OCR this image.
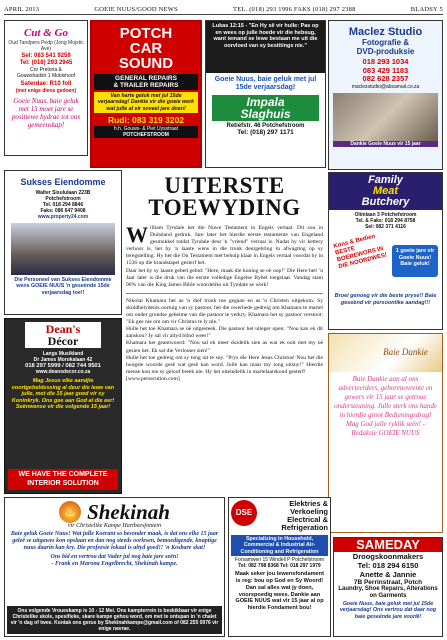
APRIL 2013	GOEIE NUUS/GOOD NEWS	TEL. (018) 293 1996 FAKS (018) 297 2388	BLADSY 5
Cut & Go
Oud Tandpers Pedp (Jong Mojstic Ave)
Sel: 083 541 9259
Tel: (018) 293 2945
Cnr Pretoria &
Gouwshadstr 1 Mobishoof
Saterdae: R10 foll
(met enige diens gedoen)
Goeie Nuus, baie geluk met 15 moet jare se positiewe bydrae tot ons gemeenskap!
POTCH
CAR
SOUND
GENERAL REPAIRS
& TRAILER REPAIRS
Van harte geluk met jul 15de verjaarsdag! Dankie vir die goeie werk wat julle al vir soveel jare doen!
Rudi: 083 319 3202
h.h. Gouws- & Piet Uysstraat
POTCHEFSTROOM
Lukas 12:15 - "En Hy sê vir hulle: Pas op en wees op julle hoede vir die hebsug, want iemand se lewe bestaan me uit die oorvloed van sy besittings nie."
Goeie Nuus, baie geluk met jul 15de verjaarsdag!
Impala
Slaghuis
Retiefstr. 46 Potchefstroom
Tel: (018) 297 1171
Maclez Studio
Fotografie &
DVD-produksie
018 293 1034
083 429 1183
082 628 2357
maclezstudio@absamail.co.za
Dankie Goeie Nuus vir 15 jaar
Sukses Eiendomme
Walter Sisululaan 223B
Potchefstroom
Tel. 018 294 8846
Faks: 086 647 9408
www.property24.com
Die Personeel van Sukses Eiendomme wens GOEIE NUUS 'n geseënde 15de verjaarsdag toe!!
UITERSTE
TOEWYDING

William Tyndale het die Nuwe Testament in Engels vertaal. Dit sou in Duitsland gedruk. Jare later het hierdie eerste testamente van Engeland gesmokkel totdat Tyndale deur 'n "vriend" verraai is. Nadat hy vir kettery verhoor is, het hy 'n laaste wens in die tronk deurgebring in afwagting op sy teregstelling. Hy het die Ou Testament met behulp klaar in Engels vertaal voordat hy in 1536 op die brandstapel gesterf het.

Daar het hy sy laaste gebed gebid: "Here, maak die koning se oë oop!" Die Here het! 'n Jaar later is die druk van die eerste volledige Engelse Bybel toegelaat. Vandag stam 90% van die King James Bible woordeliks uit Tyndale se werk!

Nikolai Khamara het as 'n dief tronk toe gegaan en as 'n Christen uitgekom. Sy skuldbelydenis oortuig van sy pastoor, het die owerhede gedreig om Khamara te martel om onder grondse geheime van die pastoor te verkry. Khamara het sy pastoor verstoot: "Ek gee nie om om vir Christus te ly nie."

Hulle het toe Khamara se oë uitgesteek. Die pastoor het uiteger open: "Nou kan ek dit aanskou? Jy sal vir altyd blind wees!"

Khamara het geantwoord: "Nou sal ek meer duidelik sien as wat ek ooit met my oë gesien het. Ek sal die Verlosser sien!"

Hulle het toe gedreig om sy tong uit te sny. "Prys die Here Jesus Christus! Nou het die hoogste woorde gesê wat gesê kan word. Julle kan maar my tong uitsny!" Hierdie mense kon nie sy geloof breek nie. Hy het uiteindelik in martelaarskoud gesterf!

[www.persecution.com]

Family
Meat
Butchery
Olimlaan 3 Potchefstroom
Tel. & Faks: 018 294 8758
Sel: 082 371 4116
Kons & Bedien BESTE BOEREWORS IN DIE NOORDWES!
1 goeie jare vir Goeie Nuus! Baie geluk!
Broei genoeg vir die beste pryse!! Baie geseënd vir persoonlike aandag!!!
Dean's
Décor
Langs Musikland
Dr James Morokalaan 42
018 297 5999 / 082 744 9501
www.deansdecor.co.za
Mag Jesus elke aandjie voortgeheblessing al deur die lewe van julle, met die 15 jaar goed vir sy Koninkryk. Ons gee aan God al die eer! Seënwense vir die volgende 15 jaar!
WE HAVE THE COMPLETE INTERIOR SOLUTION
Baie Dankie
Baie Dankie aan al ons adverteerders, geborenovrente en gewers vir 15 jaar se getroue ondersteuning. Julle sterk ons hande in hierdie groot Bedieningsdrag! Mag God julle ryklik seën! - Redaksie GOEIE NUUS
♨ Shekinah
vir Christelike Kampe Hartbeesfontein
Baie geluk Goeie Nuus! Wat julle Koerant so besonder maak, is dat ons elke 15 jaar geleë se uitgawes kon opslaan en dan nog steeds oorlesen, bemoedigende, knaptige nuus daarin kan kry. Die profeesie lokaal is altyd goed!! 'n Kosbare skat!
Ons bid en vertrou dat Vader jul nog baie jare seën!
- Frank en Marona Engelbrecht, Shekinah kampe.
Ons volgende Vroueskamp is 10 - 12 Mei. Ons kampterrein is beskikbaar vir enige Christelike skole, spesifieke, skare kampe gehou word, om met te ontspan in 'n chalet vir 'n dag of twee. Kontak ons gerus by Shekinahkampe@gmail.com of 082 255 0976 vir enige navrae.
DSE
Elektries &
Verkoeling
Electrical &
Refrigeration
Specializing in Household, Commercial & Industrial Air-Conditioning and Refrigeration
Forsamweri 15 Windell P Potchefstroom
Tel: 082 798 8368 Tel: 018 297 1979
Maak seker jou lewensfondament is reg: bou op God en Sy Woord! Dan sal alles wat jy doen, voorspoedig wees. Dankie aan GOEIE NUUS wat vir 15 jaar al op hierdie Fondament bou!
SAMEDAY
Droogskoonmakers
Tel: 018 294 6150
Anette & Jannie
7B Perrinstraat, Potch
Laundry, Shoe Repairs, Alterations on Garments
Goeie Nuus, baie geluk met jul 15de verjaarsdag! Ons vertrou dat daar nog baie geseënde jare voorlê!
